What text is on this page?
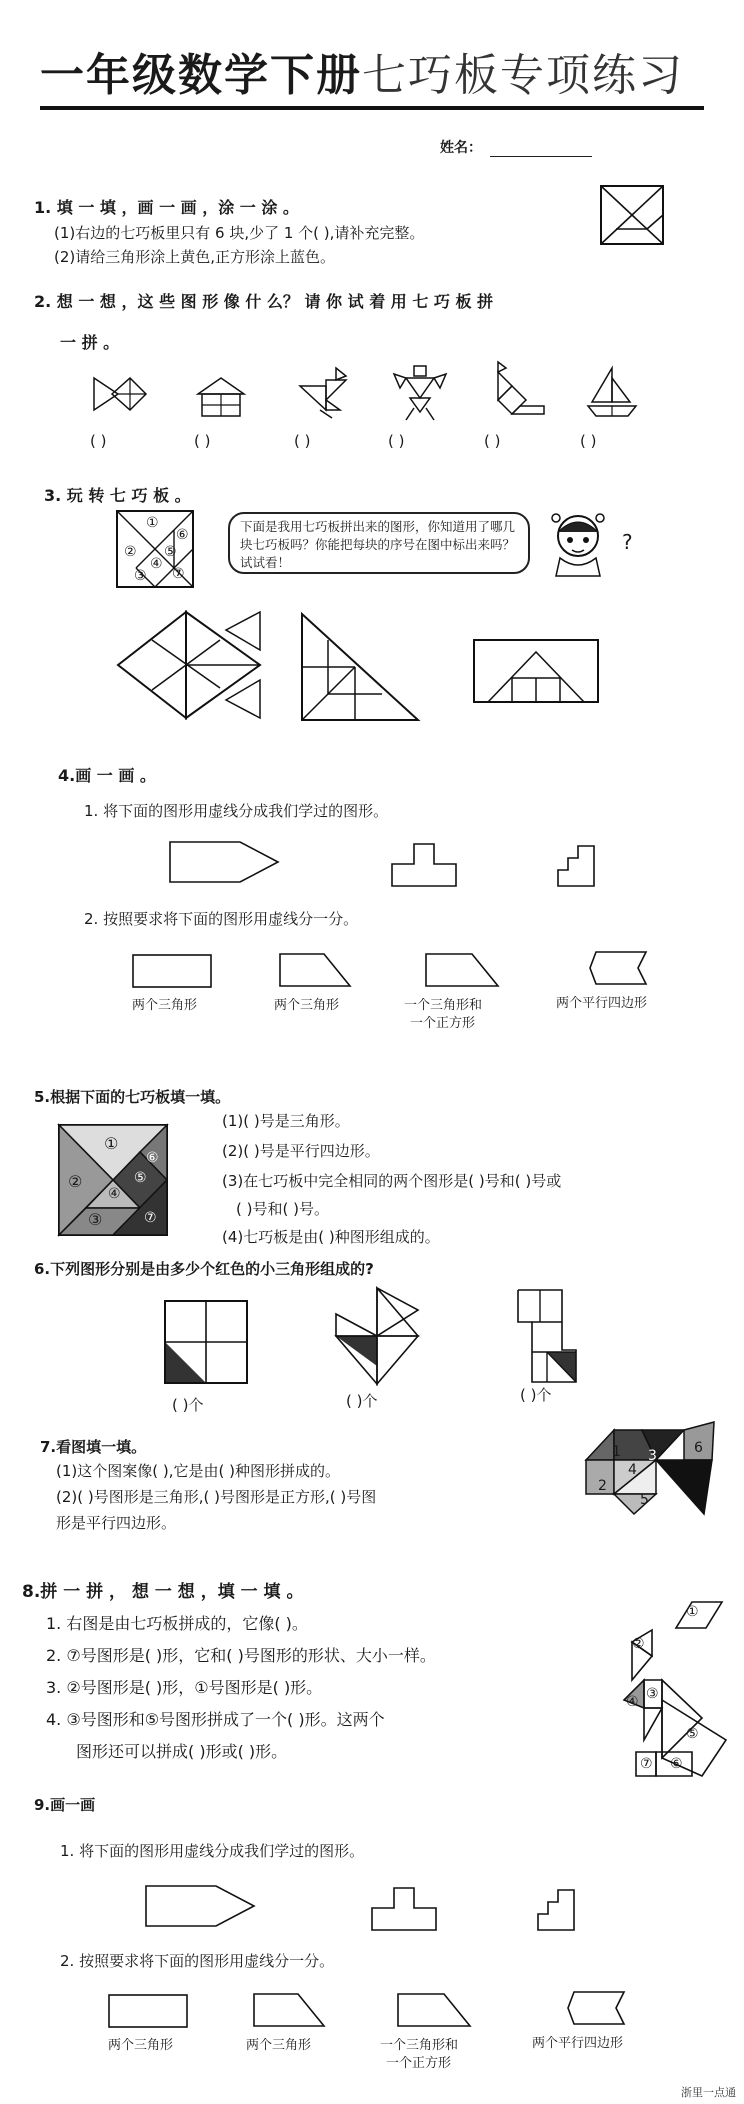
一年级数学下册七巧板专项练习
姓名：
1. 填 一 填 ，画 一 画 ，涂 一 涂 。
(1)右边的七巧板里只有 6 块,少了 1 个( ),请补充完整。
(2)请给三角形涂上黄色,正方形涂上蓝色。
2. 想 一 想 ，这 些 图 形 像 什 么？ 请 你 试 着 用 七 巧 板 拼
一 拼 。
( )	( )	( )	( )	( )	( )
3. 玩 转 七 巧 板 。
①
⑥
② ⑤
④
③ ⑦
下面是我用七巧板拼出来的图形，你知道用了哪几块七巧板吗？你能把每块的序号在图中标出来吗？试试看！
?
4.画 一 画 。
1. 将下面的图形用虚线分成我们学过的图形。
2. 按照要求将下面的图形用虚线分一分。
两个三角形	两个三角形	一个三角形和
一个正方形
两个平行四边形
5.根据下面的七巧板填一填。
①
⑥
②	⑤
④
③	⑦
(1)( )号是三角形。
(2)( )号是平行四边形。
(3)在七巧板中完全相同的两个图形是( )号和( )号或
( )号和( )号。
(4)七巧板是由( )种图形组成的。
6.下列图形分别是由多少个红色的小三角形组成的?
( )个	( )个	( )个
7.看图填一填。
(1)这个图案像( ),它是由( )种图形拼成的。
(2)( )号图形是三角形,( )号图形是正方形,( )号图
形是平行四边形。
1 3	6
2
4
5
8.拼 一 拼 ， 想 一 想 ，填 一 填 。
1. 右图是由七巧板拼成的，它像( )。
2. ⑦号图形是( )形，它和( )号图形的形状、大小一样。
3. ②号图形是( )形，①号图形是( )形。
4. ③号图形和⑤号图形拼成了一个( )形。这两个
图形还可以拼成( )形或( )形。
①
②
④ ③
⑤
⑦ ⑥
9.画一画
1. 将下面的图形用虚线分成我们学过的图形。
2. 按照要求将下面的图形用虚线分一分。
两个三角形	两个三角形	一个三角形和
一个正方形
两个平行四边形
浙里一点通
